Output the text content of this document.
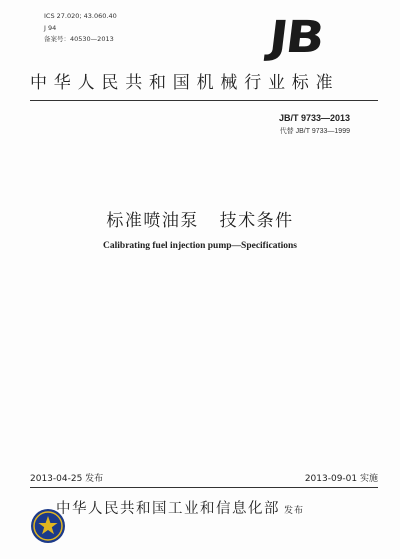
ICS 27.020; 43.060.40
J 94
备案号：40530—2013	JB
中华人民共和国机械行业标准
JB/T 9733—2013
代替 JB/T 9733—1999
标准喷油泵   技术条件
Calibrating fuel injection pump—Specifications
2013-04-25 发布	2013-09-01 实施
中华人民共和国工业和信息化部 发布
